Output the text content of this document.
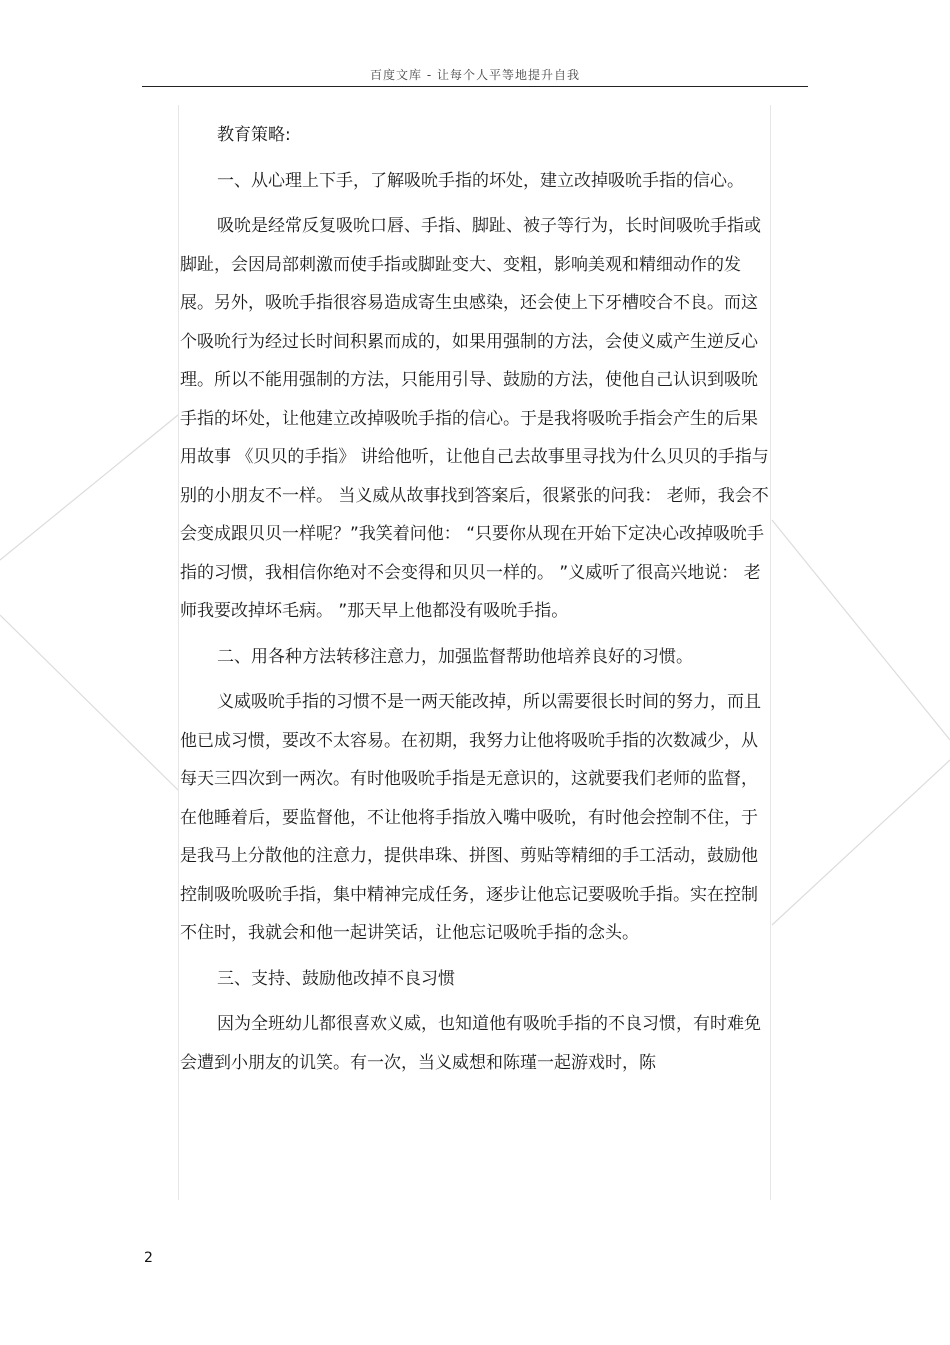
百度文库 - 让每个人平等地提升自我

教育策略:

一、从心理上下手，了解吸吮手指的坏处，建立改掉吸吮手指的信心。

吸吮是经常反复吸吮口唇、手指、脚趾、被子等行为，长时间吸吮手指或脚趾，会因局部刺激而使手指或脚趾变大、变粗，影响美观和精细动作的发展。另外，吸吮手指很容易造成寄生虫感染，还会使上下牙槽咬合不良。而这个吸吮行为经过长时间积累而成的，如果用强制的方法，会使义威产生逆反心理。所以不能用强制的方法，只能用引导、鼓励的方法，使他自己认识到吸吮手指的坏处，让他建立改掉吸吮手指的信心。于是我将吸吮手指会产生的后果用故事 《贝贝的手指》 讲给他听，让他自己去故事里寻找为什么贝贝的手指与别的小朋友不一样。 当义威从故事找到答案后，很紧张的问我： 老师，我会不会变成跟贝贝一样呢？”我笑着问他： “只要你从现在开始下定决心改掉吸吮手指的习惯，我相信你绝对不会变得和贝贝一样的。 ”义威听了很高兴地说： 老师我要改掉坏毛病。 ”那天早上他都没有吸吮手指。

二、用各种方法转移注意力，加强监督帮助他培养良好的习惯。

义威吸吮手指的习惯不是一两天能改掉，所以需要很长时间的努力，而且他已成习惯，要改不太容易。在初期，我努力让他将吸吮手指的次数减少，从每天三四次到一两次。有时他吸吮手指是无意识的，这就要我们老师的监督，在他睡着后，要监督他，不让他将手指放入嘴中吸吮，有时他会控制不住，于是我马上分散他的注意力，提供串珠、拼图、剪贴等精细的手工活动，鼓励他控制吸吮吸吮手指，集中精神完成任务，逐步让他忘记要吸吮手指。实在控制不住时，我就会和他一起讲笑话，让他忘记吸吮手指的念头。

三、支持、鼓励他改掉不良习惯

因为全班幼儿都很喜欢义威，也知道他有吸吮手指的不良习惯，有时难免会遭到小朋友的讥笑。有一次，当义威想和陈瑾一起游戏时，陈

2
